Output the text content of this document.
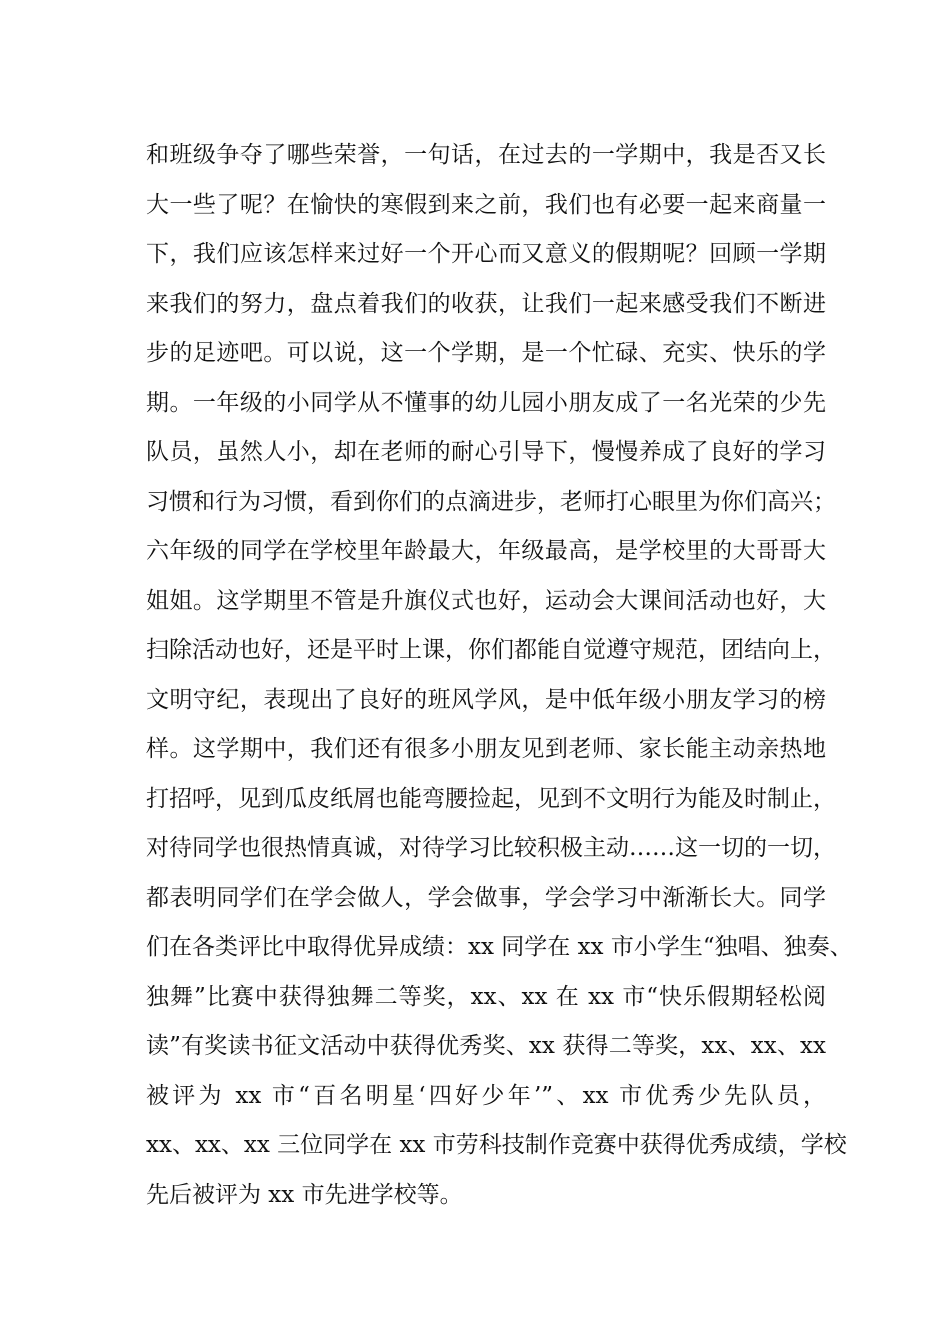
和班级争夺了哪些荣誉，一句话，在过去的一学期中，我是否又长
大一些了呢？在愉快的寒假到来之前，我们也有必要一起来商量一
下，我们应该怎样来过好一个开心而又意义的假期呢？回顾一学期
来我们的努力，盘点着我们的收获，让我们一起来感受我们不断进
步的足迹吧。可以说，这一个学期，是一个忙碌、充实、快乐的学
期。一年级的小同学从不懂事的幼儿园小朋友成了一名光荣的少先
队员，虽然人小，却在老师的耐心引导下，慢慢养成了良好的学习
习惯和行为习惯，看到你们的点滴进步，老师打心眼里为你们高兴；
六年级的同学在学校里年龄最大，年级最高，是学校里的大哥哥大
姐姐。这学期里不管是升旗仪式也好，运动会大课间活动也好，大
扫除活动也好，还是平时上课，你们都能自觉遵守规范，团结向上，
文明守纪，表现出了良好的班风学风，是中低年级小朋友学习的榜
样。这学期中，我们还有很多小朋友见到老师、家长能主动亲热地
打招呼，见到瓜皮纸屑也能弯腰捡起，见到不文明行为能及时制止，
对待同学也很热情真诚，对待学习比较积极主动……这一切的一切，
都表明同学们在学会做人，学会做事，学会学习中渐渐长大。同学
们在各类评比中取得优异成绩：xx 同学在 xx 市小学生“独唱、独奏、
独舞”比赛中获得独舞二等奖，xx、xx 在 xx 市“快乐假期轻松阅
读”有奖读书征文活动中获得优秀奖、xx 获得二等奖，xx、xx、xx
被评为 xx 市“百名明星‘四好少年’”、xx 市优秀少先队员，
xx、xx、xx 三位同学在 xx 市劳科技制作竞赛中获得优秀成绩，学校
先后被评为 xx 市先进学校等。
